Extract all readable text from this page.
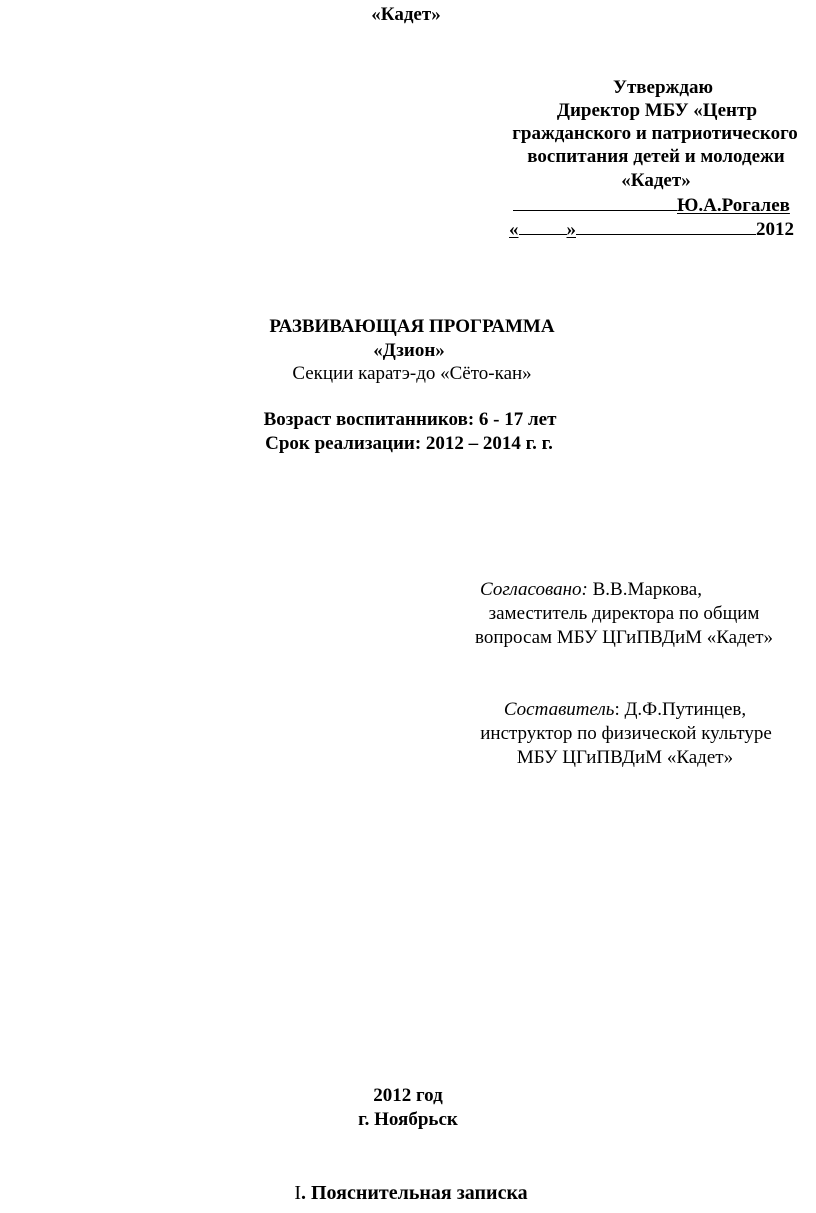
«Кадет»
Утверждаю
Директор МБУ «Центр
гражданского и патриотического
воспитания детей и молодежи
«Кадет»
Ю.А.Рогалев
«	»	2012
РАЗВИВАЮЩАЯ ПРОГРАММА
«Дзион»
Секции каратэ-до «Сёто-кан»
Возраст воспитанников: 6 - 17 лет
Срок реализации: 2012 – 2014 г. г.
Согласовано: В.В.Маркова,
заместитель директора по общим
вопросам МБУ ЦГиПВДиМ «Кадет»
Составитель: Д.Ф.Путинцев,
инструктор по физической культуре
МБУ ЦГиПВДиМ «Кадет»
2012 год
г. Ноябрьск
I. Пояснительная записка
